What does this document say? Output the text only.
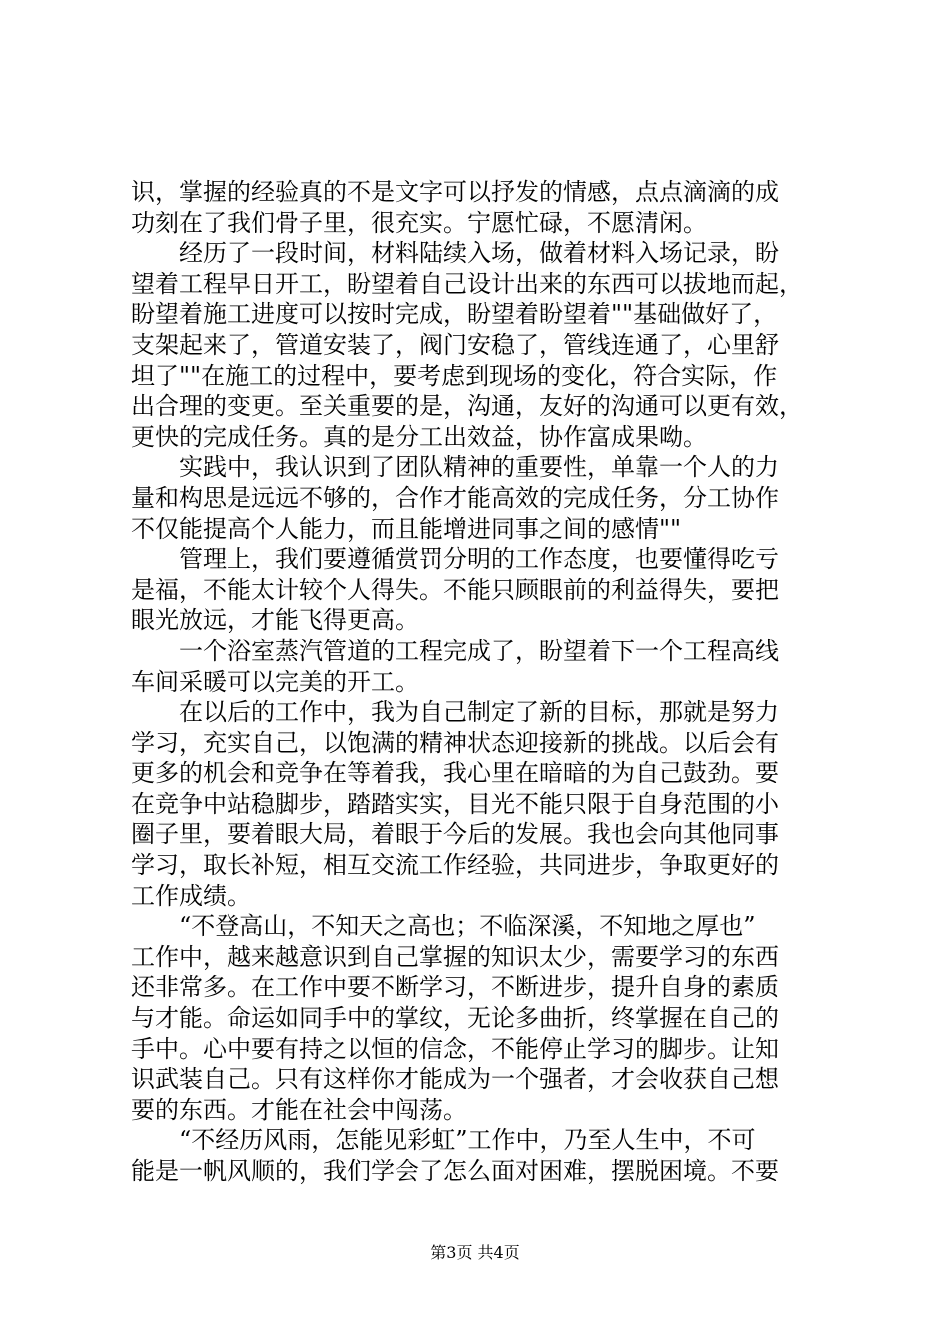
识，掌握的经验真的不是文字可以抒发的情感，点点滴滴的成
功刻在了我们骨子里，很充实。宁愿忙碌，不愿清闲。
　　经历了一段时间，材料陆续入场，做着材料入场记录，盼
望着工程早日开工，盼望着自己设计出来的东西可以拔地而起，
盼望着施工进度可以按时完成，盼望着盼望着""基础做好了，
支架起来了，管道安装了，阀门安稳了，管线连通了，心里舒
坦了""在施工的过程中，要考虑到现场的变化，符合实际，作
出合理的变更。至关重要的是，沟通，友好的沟通可以更有效，
更快的完成任务。真的是分工出效益，协作富成果呦。
　　实践中，我认识到了团队精神的重要性，单靠一个人的力
量和构思是远远不够的，合作才能高效的完成任务，分工协作
不仅能提高个人能力，而且能增进同事之间的感情""
　　管理上，我们要遵循赏罚分明的工作态度，也要懂得吃亏
是福，不能太计较个人得失。不能只顾眼前的利益得失，要把
眼光放远，才能飞得更高。
　　一个浴室蒸汽管道的工程完成了，盼望着下一个工程高线
车间采暖可以完美的开工。
　　在以后的工作中，我为自己制定了新的目标，那就是努力
学习，充实自己，以饱满的精神状态迎接新的挑战。以后会有
更多的机会和竞争在等着我，我心里在暗暗的为自己鼓劲。要
在竞争中站稳脚步，踏踏实实，目光不能只限于自身范围的小
圈子里，要着眼大局，着眼于今后的发展。我也会向其他同事
学习，取长补短，相互交流工作经验，共同进步，争取更好的
工作成绩。
　　“不登高山，不知天之高也；不临深溪，不知地之厚也”
工作中，越来越意识到自己掌握的知识太少，需要学习的东西
还非常多。在工作中要不断学习，不断进步，提升自身的素质
与才能。命运如同手中的掌纹，无论多曲折，终掌握在自己的
手中。心中要有持之以恒的信念，不能停止学习的脚步。让知
识武装自己。只有这样你才能成为一个强者，才会收获自己想
要的东西。才能在社会中闯荡。
　　“不经历风雨，怎能见彩虹”工作中，乃至人生中，不可
能是一帆风顺的，我们学会了怎么面对困难，摆脱困境。不要
第3页 共4页
